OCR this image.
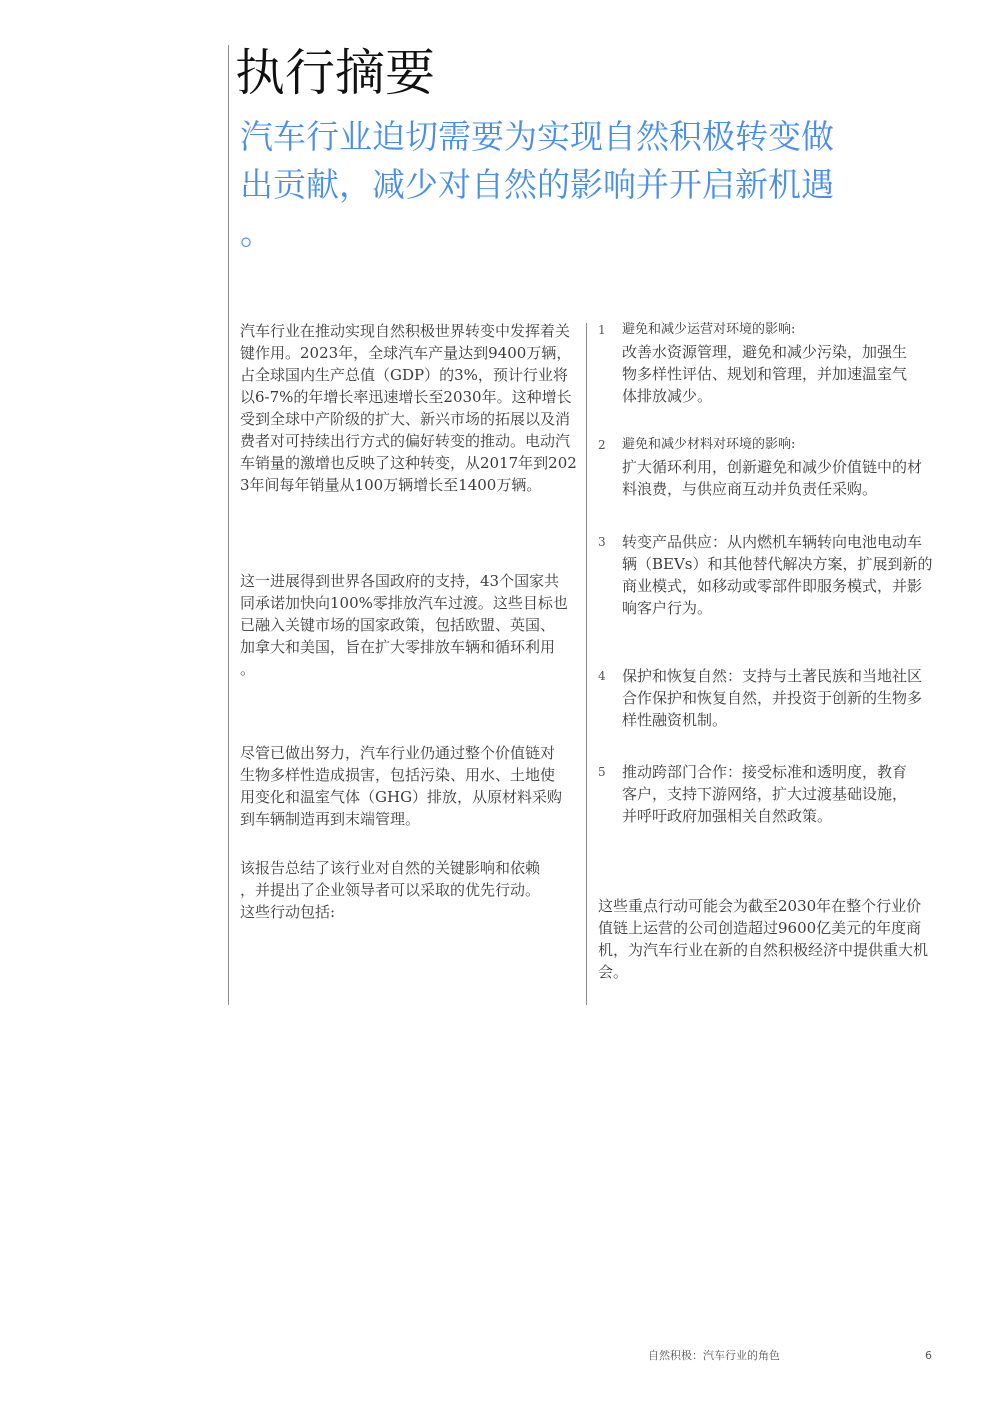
执行摘要
汽车行业迫切需要为实现自然积极转变做
出贡献，减少对自然的影响并开启新机遇
。
汽车行业在推动实现自然积极世界转变中发挥着关
键作用。2023年，全球汽车产量达到9400万辆，
占全球国内生产总值（GDP）的3%，预计行业将
以6-7%的年增长率迅速增长至2030年。这种增长
受到全球中产阶级的扩大、新兴市场的拓展以及消
费者对可持续出行方式的偏好转变的推动。电动汽
车销量的激增也反映了这种转变，从2017年到202
3年间每年销量从100万辆增长至1400万辆。
这一进展得到世界各国政府的支持，43个国家共
同承诺加快向100%零排放汽车过渡。这些目标也
已融入关键市场的国家政策，包括欧盟、英国、
加拿大和美国，旨在扩大零排放车辆和循环利用
。
尽管已做出努力，汽车行业仍通过整个价值链对
生物多样性造成损害，包括污染、用水、土地使
用变化和温室气体（GHG）排放，从原材料采购
到车辆制造再到末端管理。
该报告总结了该行业对自然的关键影响和依赖
，并提出了企业领导者可以采取的优先行动。
这些行动包括:
1 避免和减少运营对环境的影响:
改善水资源管理，避免和减少污染，加强生
物多样性评估、规划和管理，并加速温室气
体排放减少。
2 避免和减少材料对环境的影响:
扩大循环利用，创新避免和减少价值链中的材
料浪费，与供应商互动并负责任采购。
3 转变产品供应：从内燃机车辆转向电池电动车
辆（BEVs）和其他替代解决方案，扩展到新的
商业模式，如移动或零部件即服务模式，并影
响客户行为。
4 保护和恢复自然：支持与土著民族和当地社区
合作保护和恢复自然，并投资于创新的生物多
样性融资机制。
5 推动跨部门合作：接受标准和透明度，教育
客户，支持下游网络，扩大过渡基础设施，
并呼吁政府加强相关自然政策。
这些重点行动可能会为截至2030年在整个行业价
值链上运营的公司创造超过9600亿美元的年度商
机，为汽车行业在新的自然积极经济中提供重大机
会。
自然积极：汽车行业的角色	6
